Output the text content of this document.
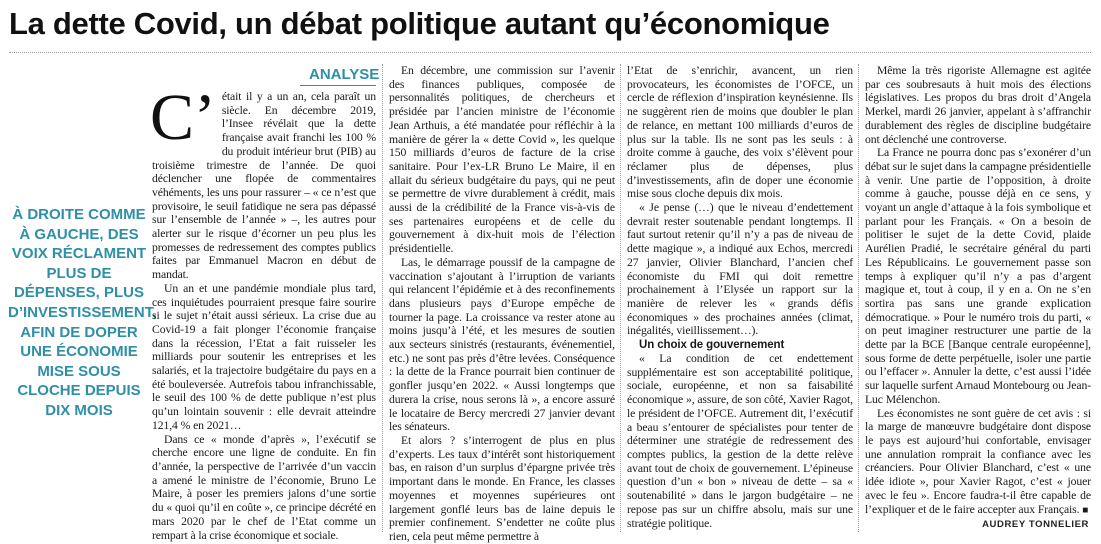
La dette Covid, un débat politique autant qu’économique
ANALYSE

À DROITE COMME À GAUCHE, DES VOIX RÉCLAMENT PLUS DE DÉPENSES, PLUS D’INVESTISSEMENT, AFIN DE DOPER UNE ÉCONOMIE MISE SOUS CLOCHE DEPUIS DIX MOIS

C’ était il y a un an, cela paraît un siècle. En décembre 2019, l’Insee révélait que la dette française avait franchi les 100 % du produit intérieur brut (PIB) au troisième trimestre de l’année. De quoi déclencher une flopée de commentaires véhéments, les uns pour rassurer – « ce n’est que provisoire, le seuil fatidique ne sera pas dépassé sur l’ensemble de l’année » –, les autres pour alerter sur le risque d’écorner un peu plus les promesses de redressement des comptes publics faites par Emmanuel Macron en début de mandat.

Un an et une pandémie mondiale plus tard, ces inquiétudes pourraient presque faire sourire si le sujet n’était aussi sérieux. La crise due au Covid-19 a fait plonger l’économie française dans la récession, l’Etat a fait ruisseler les milliards pour soutenir les entreprises et les salariés, et la trajectoire budgétaire du pays en a été bouleversée. Autrefois tabou infranchissable, le seuil des 100 % de dette publique n’est plus qu’un lointain souvenir : elle devrait atteindre 121,4 % en 2021…

Dans ce « monde d’après », l’exécutif se cherche encore une ligne de conduite. En fin d’année, la perspective de l’arrivée d’un vaccin a amené le ministre de l’économie, Bruno Le Maire, à poser les premiers jalons d’une sortie du « quoi qu’il en coûte », ce principe décrété en mars 2020 par le chef de l’Etat comme un rempart à la crise économique et sociale.

En décembre, une commission sur l’avenir des finances publiques, composée de personnalités politiques, de chercheurs et présidée par l’ancien ministre de l’économie Jean Arthuis, a été mandatée pour réfléchir à la manière de gérer la « dette Covid », les quelque 150 milliards d’euros de facture de la crise sanitaire. Pour l’ex-LR Bruno Le Maire, il en allait du sérieux budgétaire du pays, qui ne peut se permettre de vivre durablement à crédit, mais aussi de la crédibilité de la France vis-à-vis de ses partenaires européens et de celle du gouvernement à dix-huit mois de l’élection présidentielle.

Las, le démarrage poussif de la campagne de vaccination s’ajoutant à l’irruption de variants qui relancent l’épidémie et à des reconfinements dans plusieurs pays d’Europe empêche de tourner la page. La croissance va rester atone au moins jusqu’à l’été, et les mesures de soutien aux secteurs sinistrés (restaurants, événementiel, etc.) ne sont pas près d’être levées. Conséquence : la dette de la France pourrait bien continuer de gonfler jusqu’en 2022. « Aussi longtemps que durera la crise, nous serons là », a encore assuré le locataire de Bercy mercredi 27 janvier devant les sénateurs.

Et alors ? s’interrogent de plus en plus d’experts. Les taux d’intérêt sont historiquement bas, en raison d’un surplus d’épargne privée très important dans le monde. En France, les classes moyennes et moyennes supérieures ont largement gonflé leurs bas de laine depuis le premier confinement. S’endetter ne coûte plus rien, cela peut même permettre à

l’Etat de s’enrichir, avancent, un rien provocateurs, les économistes de l’OFCE, un cercle de réflexion d’inspiration keynésienne. Ils ne suggèrent rien de moins que doubler le plan de relance, en mettant 100 milliards d’euros de plus sur la table. Ils ne sont pas les seuls : à droite comme à gauche, des voix s’élèvent pour réclamer plus de dépenses, plus d’investissements, afin de doper une économie mise sous cloche depuis dix mois.

« Je pense (…) que le niveau d’endettement devrait rester soutenable pendant longtemps. Il faut surtout retenir qu’il n’y a pas de niveau de dette magique », a indiqué aux Echos, mercredi 27 janvier, Olivier Blanchard, l’ancien chef économiste du FMI qui doit remettre prochainement à l’Elysée un rapport sur la manière de relever les « grands défis économiques » des prochaines années (climat, inégalités, vieillissement…).

Un choix de gouvernement

« La condition de cet endettement supplémentaire est son acceptabilité politique, sociale, européenne, et non sa faisabilité économique », assure, de son côté, Xavier Ragot, le président de l’OFCE. Autrement dit, l’exécutif a beau s’entourer de spécialistes pour tenter de déterminer une stratégie de redressement des comptes publics, la gestion de la dette relève avant tout de choix de gouvernement. L’épineuse question d’un « bon » niveau de dette – sa « soutenabilité » dans le jargon budgétaire – ne repose pas sur un chiffre absolu, mais sur une stratégie politique.

Même la très rigoriste Allemagne est agitée par ces soubresauts à huit mois des élections législatives. Les propos du bras droit d’Angela Merkel, mardi 26 janvier, appelant à s’affranchir durablement des règles de discipline budgétaire ont déclenché une controverse.

La France ne pourra donc pas s’exonérer d’un débat sur le sujet dans la campagne présidentielle à venir. Une partie de l’opposition, à droite comme à gauche, pousse déjà en ce sens, y voyant un angle d’attaque à la fois symbolique et parlant pour les Français. « On a besoin de politiser le sujet de la dette Covid, plaide Aurélien Pradié, le secrétaire général du parti Les Républicains. Le gouvernement passe son temps à expliquer qu’il n’y a pas d’argent magique et, tout à coup, il y en a. On ne s’en sortira pas sans une grande explication démocratique. » Pour le numéro trois du parti, « on peut imaginer restructurer une partie de la dette par la BCE [Banque centrale européenne], sous forme de dette perpétuelle, isoler une partie ou l’effacer ». Annuler la dette, c’est aussi l’idée sur laquelle surfent Arnaud Montebourg ou Jean-Luc Mélenchon.

Les économistes ne sont guère de cet avis : si la marge de manœuvre budgétaire dont dispose le pays est aujourd’hui confortable, envisager une annulation romprait la confiance avec les créanciers. Pour Olivier Blanchard, c’est « une idée idiote », pour Xavier Ragot, c’est « jouer avec le feu ». Encore faudra-t-il être capable de l’expliquer et de le faire accepter aux Français. ■

AUDREY TONNELIER
